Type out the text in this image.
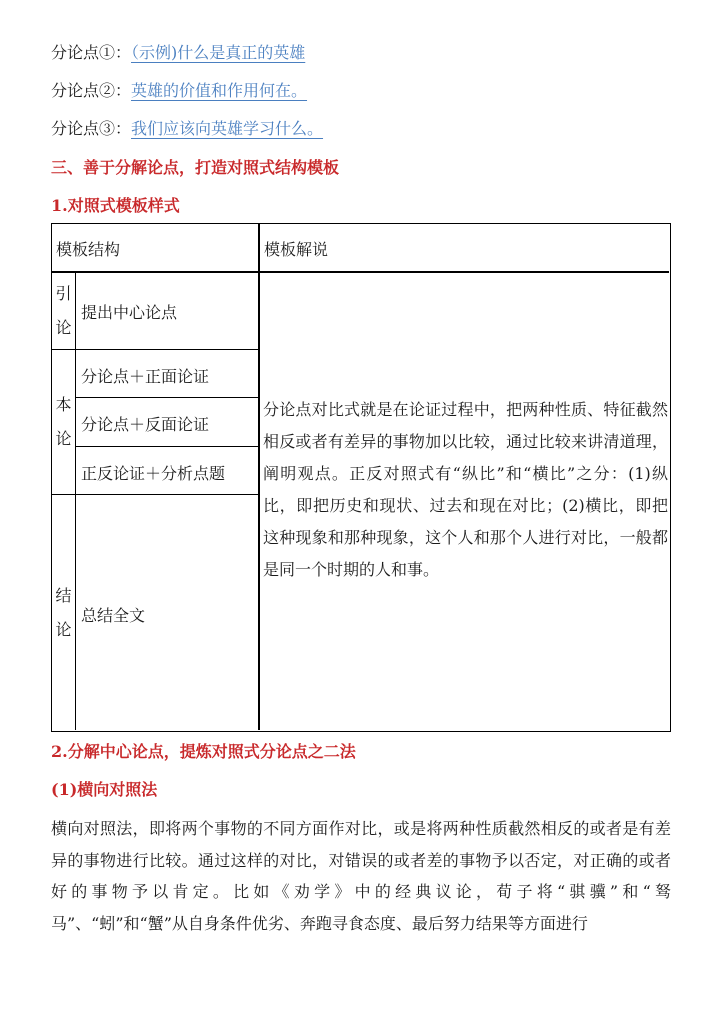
分论点①：（示例)什么是真正的英雄
分论点②：英雄的价值和作用何在。
分论点③：我们应该向英雄学习什么。
三、善于分解论点，打造对照式结构模板
1.对照式模板样式
模板结构	模板解说
引
论
提出中心论点
本
论
分论点＋正面论证
分论点＋反面论证
正反论证＋分析点题
结
论
总结全文
分论点对比式就是在论证过程中，把两种性质、特征截然相反或者有差异的事物加以比较，通过比较来讲清道理，阐明观点。正反对照式有“纵比”和“横比”之分：(1)纵比，即把历史和现状、过去和现在对比；(2)横比，即把这种现象和那种现象，这个人和那个人进行对比，一般都是同一个时期的人和事。
2.分解中心论点，提炼对照式分论点之二法
(1)横向对照法
横向对照法，即将两个事物的不同方面作对比，或是将两种性质截然相反的或者是有差异的事物进行比较。通过这样的对比，对错误的或者差的事物予以否定，对正确的或者好的事物予以肯定。比如《劝学》中的经典议论，荀子将“骐骥”和“驽马”、“蚓”和“蟹”从自身条件优劣、奔跑寻食态度、最后努力结果等方面进行
